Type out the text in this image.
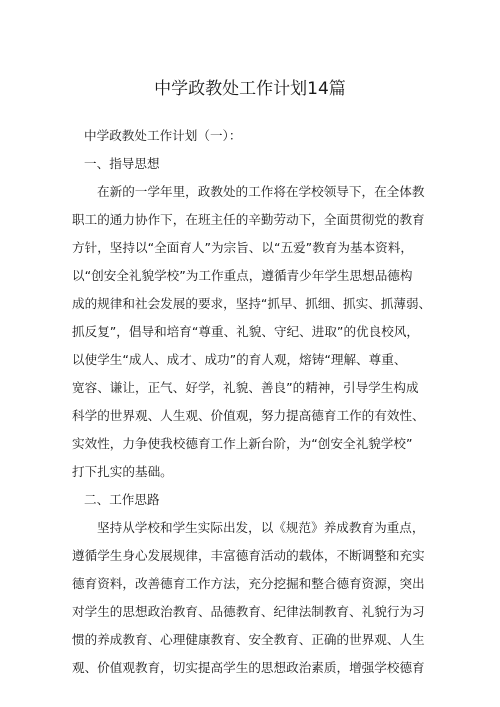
中学政教处工作计划14篇
中学政教处工作计划（一）：
一、指导思想
在新的一学年里，政教处的工作将在学校领导下，在全体教
职工的通力协作下，在班主任的辛勤劳动下，全面贯彻党的教育
方针，坚持以“全面育人”为宗旨、以“五爱”教育为基本资料，
以“创安全礼貌学校”为工作重点，遵循青少年学生思想品德构
成的规律和社会发展的要求，坚持“抓早、抓细、抓实、抓薄弱、
抓反复”，倡导和培育“尊重、礼貌、守纪、进取”的优良校风，
以使学生“成人、成才、成功”的育人观，熔铸“理解、尊重、
宽容、谦让，正气、好学，礼貌、善良”的精神，引导学生构成
科学的世界观、人生观、价值观，努力提高德育工作的有效性、
实效性，力争使我校德育工作上新台阶，为“创安全礼貌学校”
打下扎实的基础。
二、工作思路
坚持从学校和学生实际出发，以《规范》养成教育为重点，
遵循学生身心发展规律，丰富德育活动的载体，不断调整和充实
德育资料，改善德育工作方法，充分挖掘和整合德育资源，突出
对学生的思想政治教育、品德教育、纪律法制教育、礼貌行为习
惯的养成教育、心理健康教育、安全教育、正确的世界观、人生
观、价值观教育，切实提高学生的思想政治素质，增强学校德育
